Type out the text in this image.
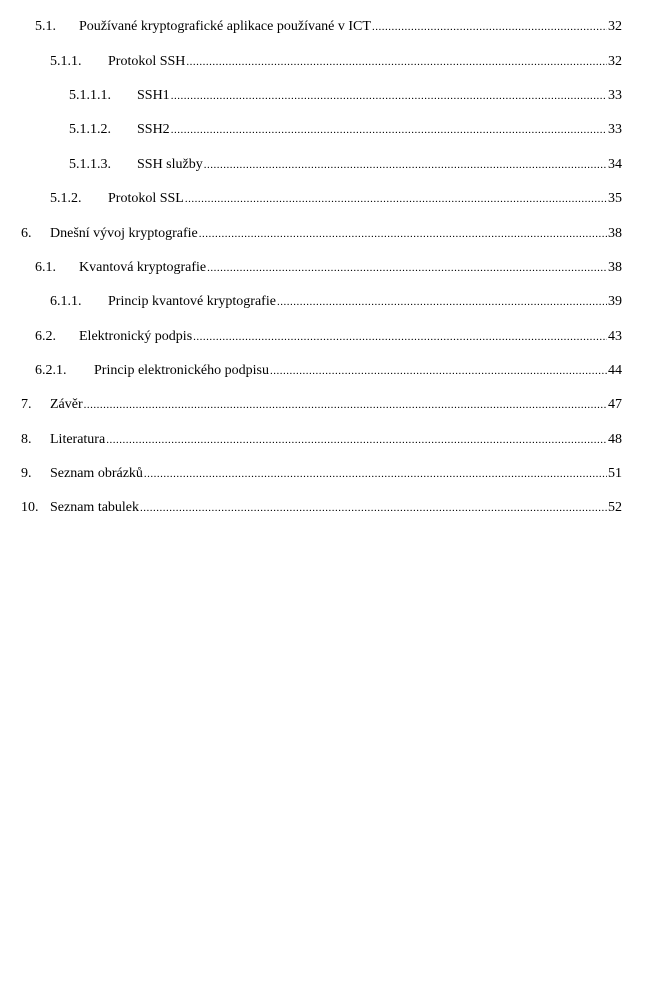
5.1. Používané kryptografické aplikace používané v ICT .....	32
5.1.1. Protokol SSH .....	32
5.1.1.1. SSH1 .....	33
5.1.1.2. SSH2 .....	33
5.1.1.3. SSH služby .....	34
5.1.2. Protokol SSL .....	35
6. Dnešní vývoj kryptografie .....	38
6.1. Kvantová kryptografie .....	38
6.1.1. Princip kvantové kryptografie .....	39
6.2. Elektronický podpis .....	43
6.2.1. Princip elektronického podpisu .....	44
7. Závěr .....	47
8. Literatura .....	48
9. Seznam obrázků .....	51
10. Seznam tabulek .....	52
